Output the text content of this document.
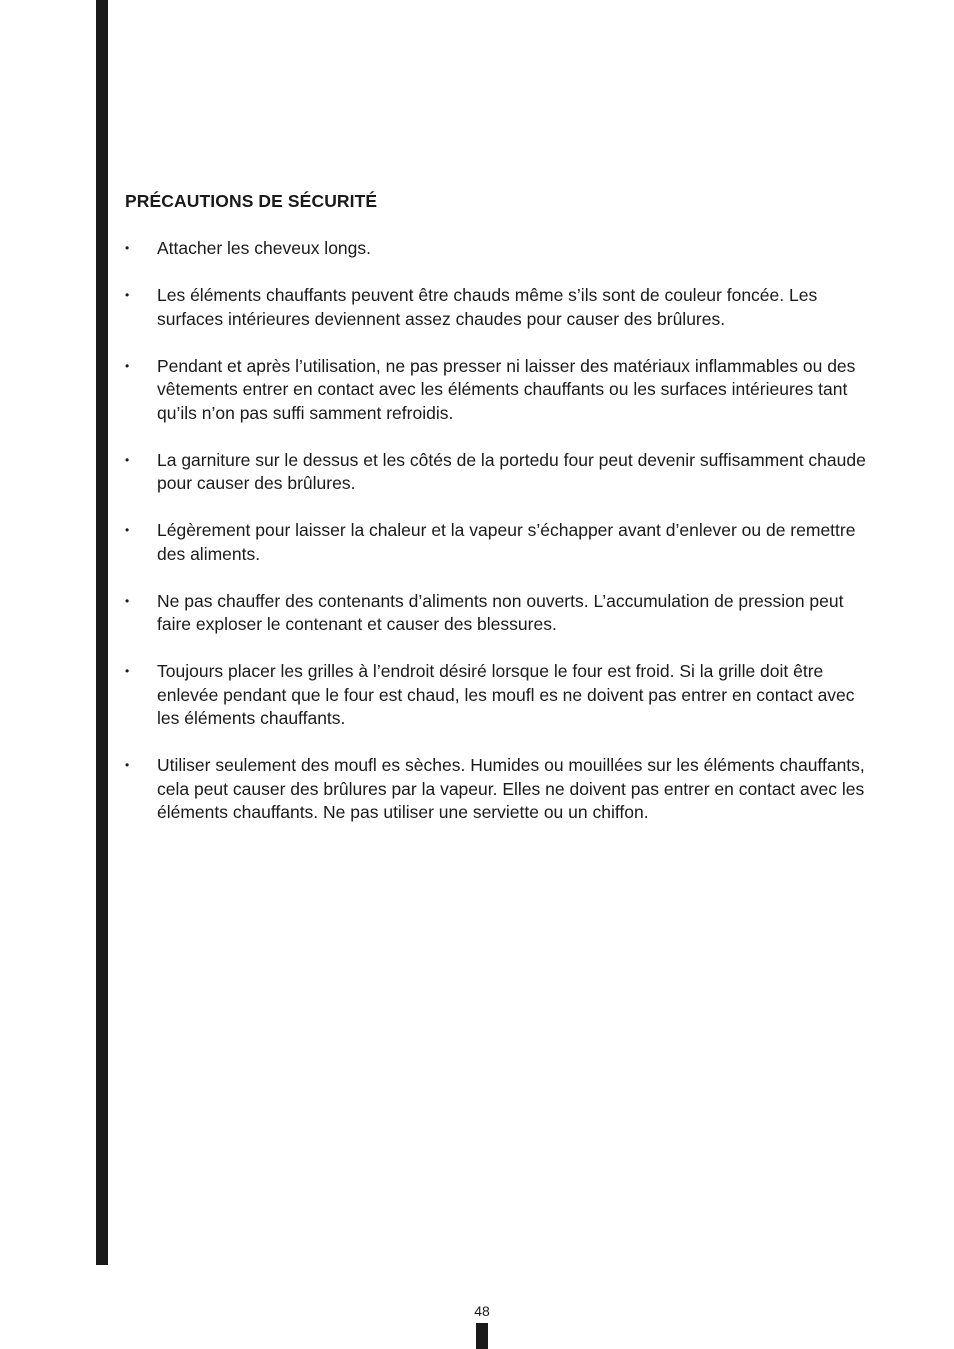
PRÉCAUTIONS DE SÉCURITÉ
•	Attacher les cheveux longs.
•	Les éléments chauffants peuvent être chauds même s’ils sont de couleur foncée. Les surfaces intérieures deviennent assez chaudes pour causer des brûlures.
•	Pendant et après l’utilisation, ne pas presser ni laisser des matériaux inflammables ou des vêtements entrer en contact avec les éléments chauffants ou les surfaces intérieures tant qu’ils n’on pas suffi samment refroidis.
•	La garniture sur le dessus et les côtés de la portedu four peut devenir suffisamment chaude pour causer des brûlures.
•	Légèrement pour laisser la chaleur et la vapeur s’échapper avant d’enlever ou de remettre des aliments.
•	Ne pas chauffer des contenants d’aliments non ouverts. L’accumulation de pression peut faire exploser le contenant et causer des blessures.
•	Toujours placer les grilles à l’endroit désiré lorsque le four est froid. Si la grille doit être enlevée pendant que le four est chaud, les moufl es ne doivent pas entrer en contact avec les éléments chauffants.
•	Utiliser seulement des moufl es sèches. Humides ou mouillées sur les éléments chauffants, cela peut causer des brûlures par la vapeur. Elles ne doivent pas entrer en contact avec les éléments chauffants. Ne pas utiliser une serviette ou un chiffon.
48
